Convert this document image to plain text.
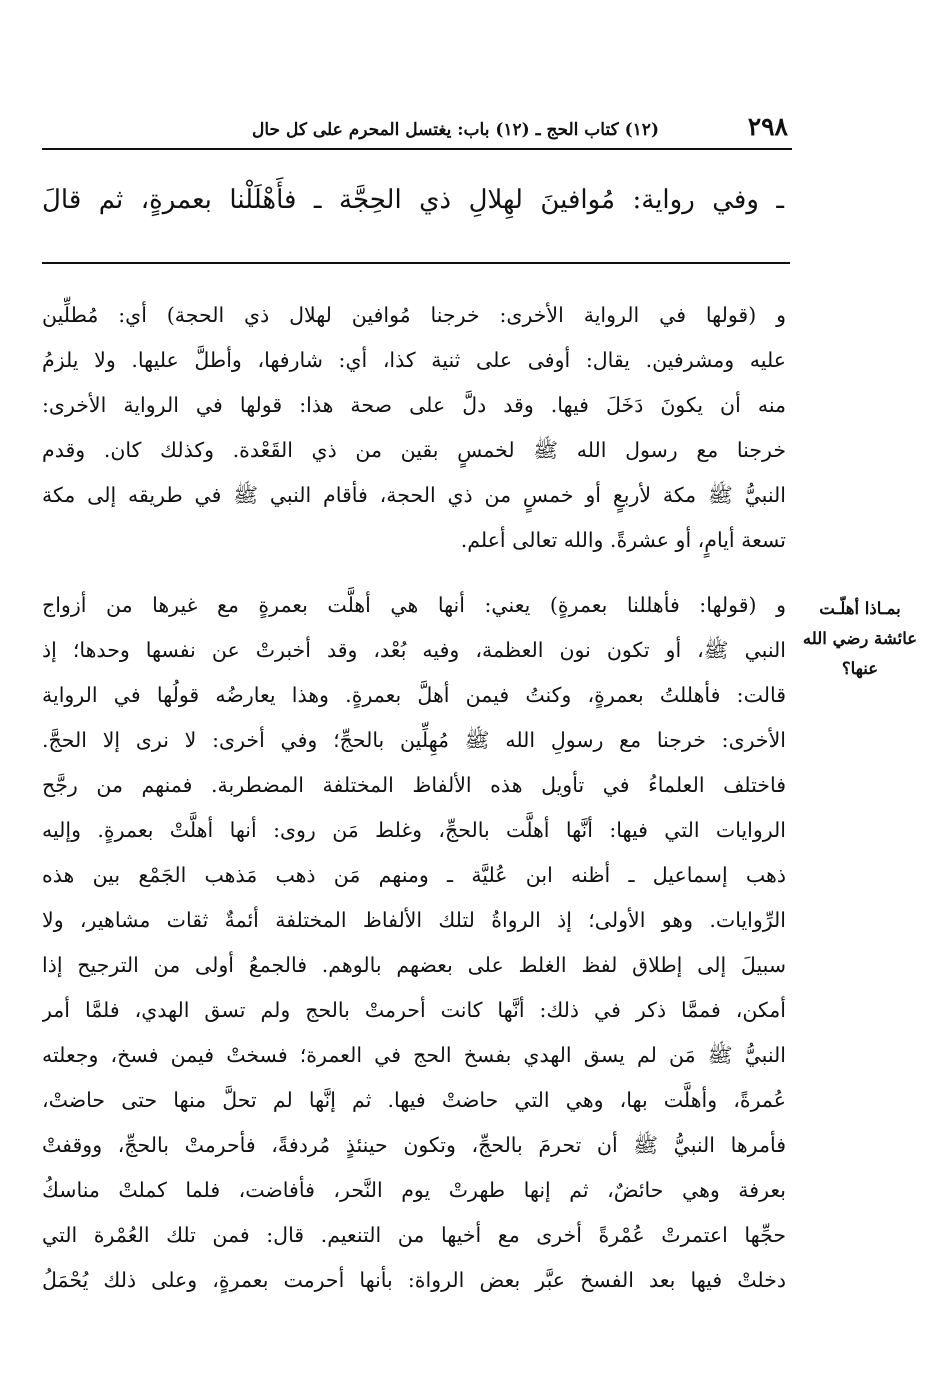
٢٩٨
(١٢) كتاب الحج ـ (١٢) باب: يغتسل المحرم على كل حال
ـ وفي رواية: مُوافينَ لهِلالِ ذي الحِجَّة ـ فأَهْلَلْنا بعمرةٍ، ثم قالَ
و (قولها في الرواية الأخرى: خرجنا مُوافين لهلال ذي الحجة) أي: مُطلِّين
عليه ومشرفين. يقال: أوفى على ثنية كذا، أي: شارفها، وأطلَّ عليها. ولا يلزمُ
منه أن يكونَ دَخَلَ فيها. وقد دلَّ على صحة هذا: قولها في الرواية الأخرى:
خرجنا مع رسول الله ﷺ لخمسٍ بقين من ذي القَعْدة. وكذلك كان. وقدم
النبيُّ ﷺ مكة لأربعٍ أو خمسٍ من ذي الحجة، فأقام النبي ﷺ في طريقه إلى مكة
تسعة أيامٍ، أو عشرةً. والله تعالى أعلم.
بمـاذا أهلّـت
عائشة رضي الله
عنها؟
و (قولها: فأهللنا بعمرةٍ) يعني: أنها هي أهلَّت بعمرةٍ مع غيرها من أزواج
النبي ﷺ، أو تكون نون العظمة، وفيه بُعْد، وقد أخبرتْ عن نفسها وحدها؛ إذ
قالت: فأهللتُ بعمرةٍ، وكنتُ فيمن أهلَّ بعمرةٍ. وهذا يعارضُه قولُها في الرواية
الأخرى: خرجنا مع رسولِ الله ﷺ مُهِلِّين بالحجِّ؛ وفي أخرى: لا نرى إلا الحجَّ.
فاختلف العلماءُ في تأويل هذه الألفاظ المختلفة المضطربة. فمنهم من رجَّح
الروايات التي فيها: أنَّها أهلَّت بالحجِّ، وغلط مَن روى: أنها أهلَّتْ بعمرةٍ. وإليه
ذهب إسماعيل ـ أظنه ابن عُليَّة ـ ومنهم مَن ذهب مَذهب الجَمْع بين هذه
الرِّوايات. وهو الأولى؛ إذ الرواةُ لتلك الألفاظ المختلفة أئمةٌ ثقات مشاهير، ولا
سبيلَ إلى إطلاق لفظ الغلط على بعضهم بالوهم. فالجمعُ أولى من الترجيح إذا
أمكن، فممَّا ذكر في ذلك: أنَّها كانت أحرمتْ بالحج ولم تسق الهدي، فلمَّا أمر
النبيُّ ﷺ مَن لم يسق الهدي بفسخ الحج في العمرة؛ فسختْ فيمن فسخ، وجعلته
عُمرةً، وأهلَّت بها، وهي التي حاضتْ فيها. ثم إنَّها لم تحلَّ منها حتى حاضتْ،
فأمرها النبيُّ ﷺ أن تحرمَ بالحجِّ، وتكون حينئذٍ مُردفةً، فأحرمتْ بالحجِّ، ووقفتْ
بعرفة وهي حائضٌ، ثم إنها طهرتْ يوم النَّحر، فأفاضت، فلما كملتْ مناسكُ
حجِّها اعتمرتْ عُمْرةً أخرى مع أخيها من التنعيم. قال: فمن تلك العُمْرة التي
دخلتْ فيها بعد الفسخ عبَّر بعض الرواة: بأنها أحرمت بعمرةٍ، وعلى ذلك يُحْمَلُ
